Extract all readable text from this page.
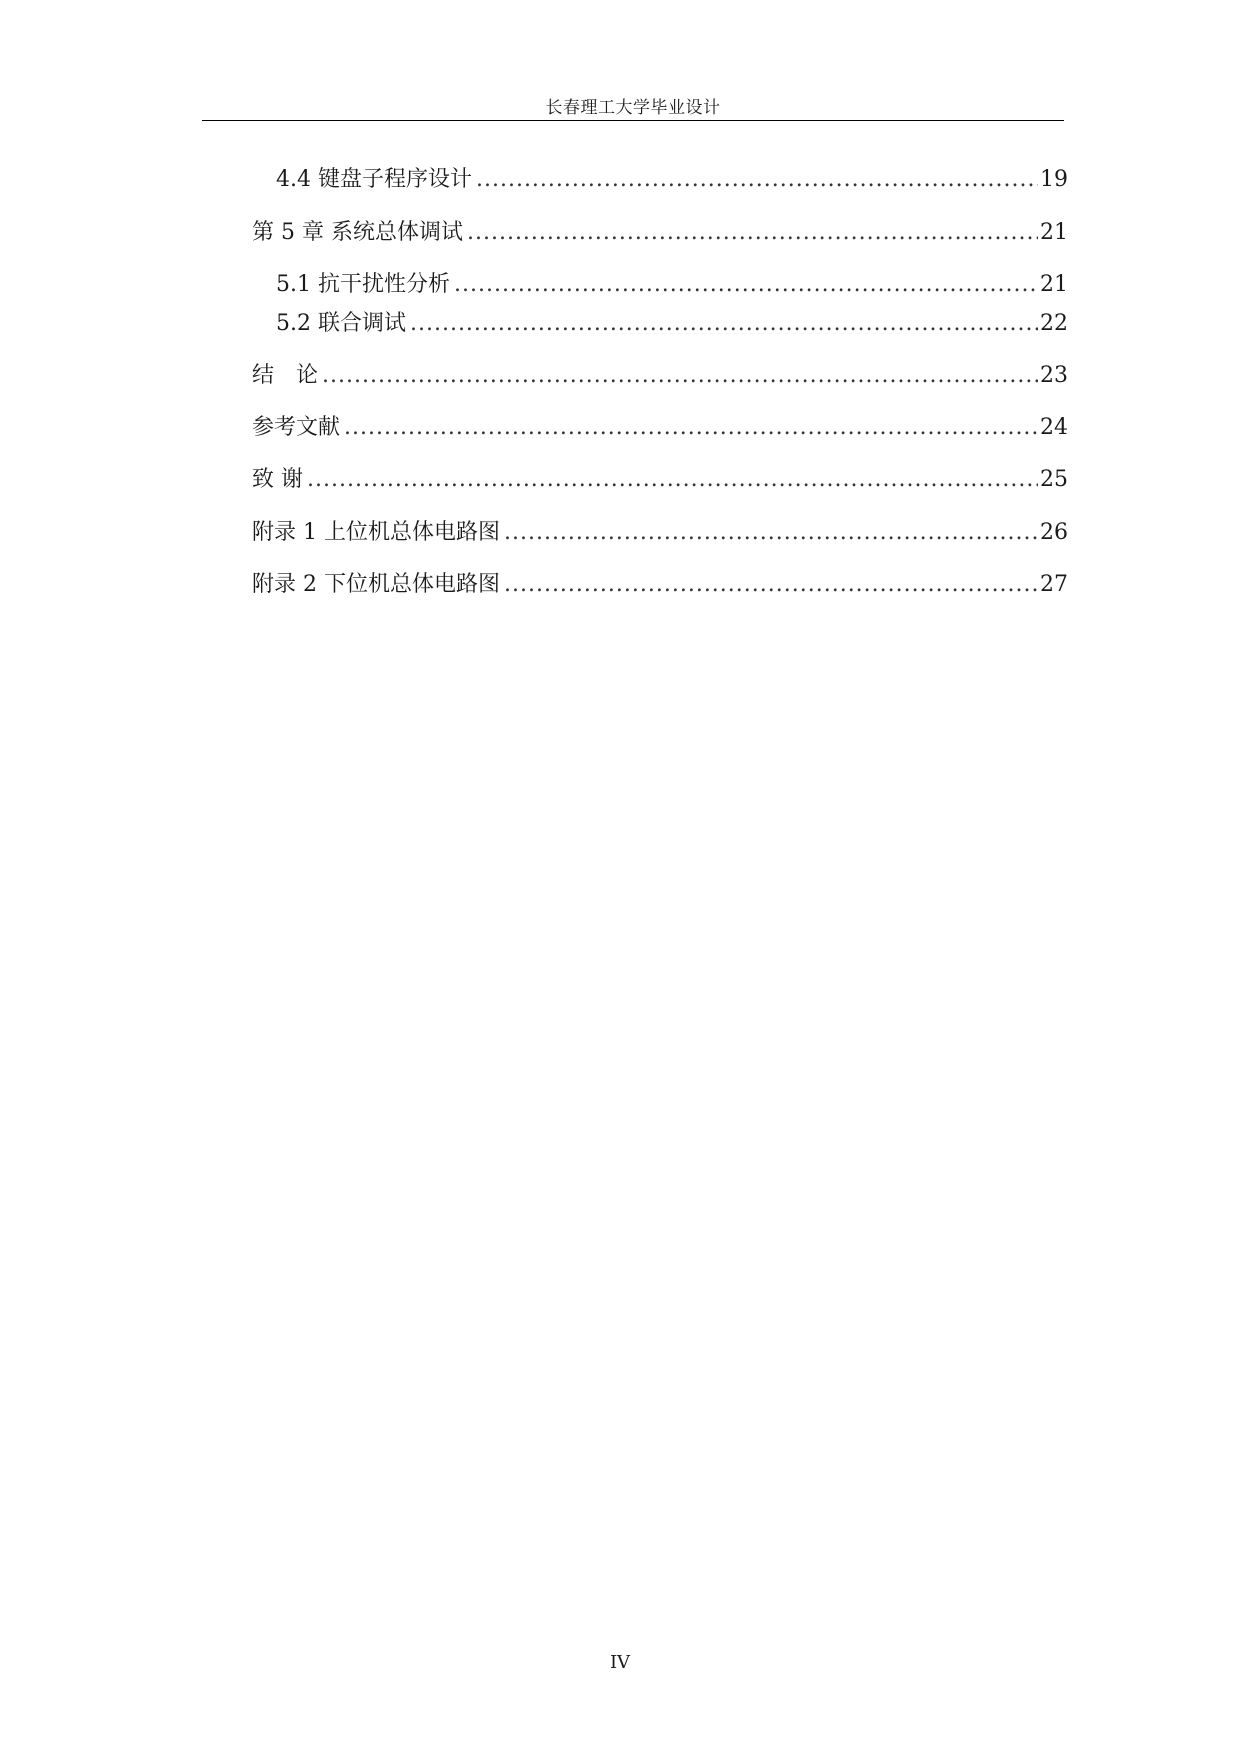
长春理工大学毕业设计
4.4 键盘子程序设计 .....	19
第 5 章 系统总体调试 .....	21
5.1 抗干扰性分析 .....	21
5.2 联合调试 .....	22
结　论 .....	23
参考文献 .....	24
致 谢 .....	25
附录 1 上位机总体电路图 .....	26
附录 2 下位机总体电路图 .....	27
IV
